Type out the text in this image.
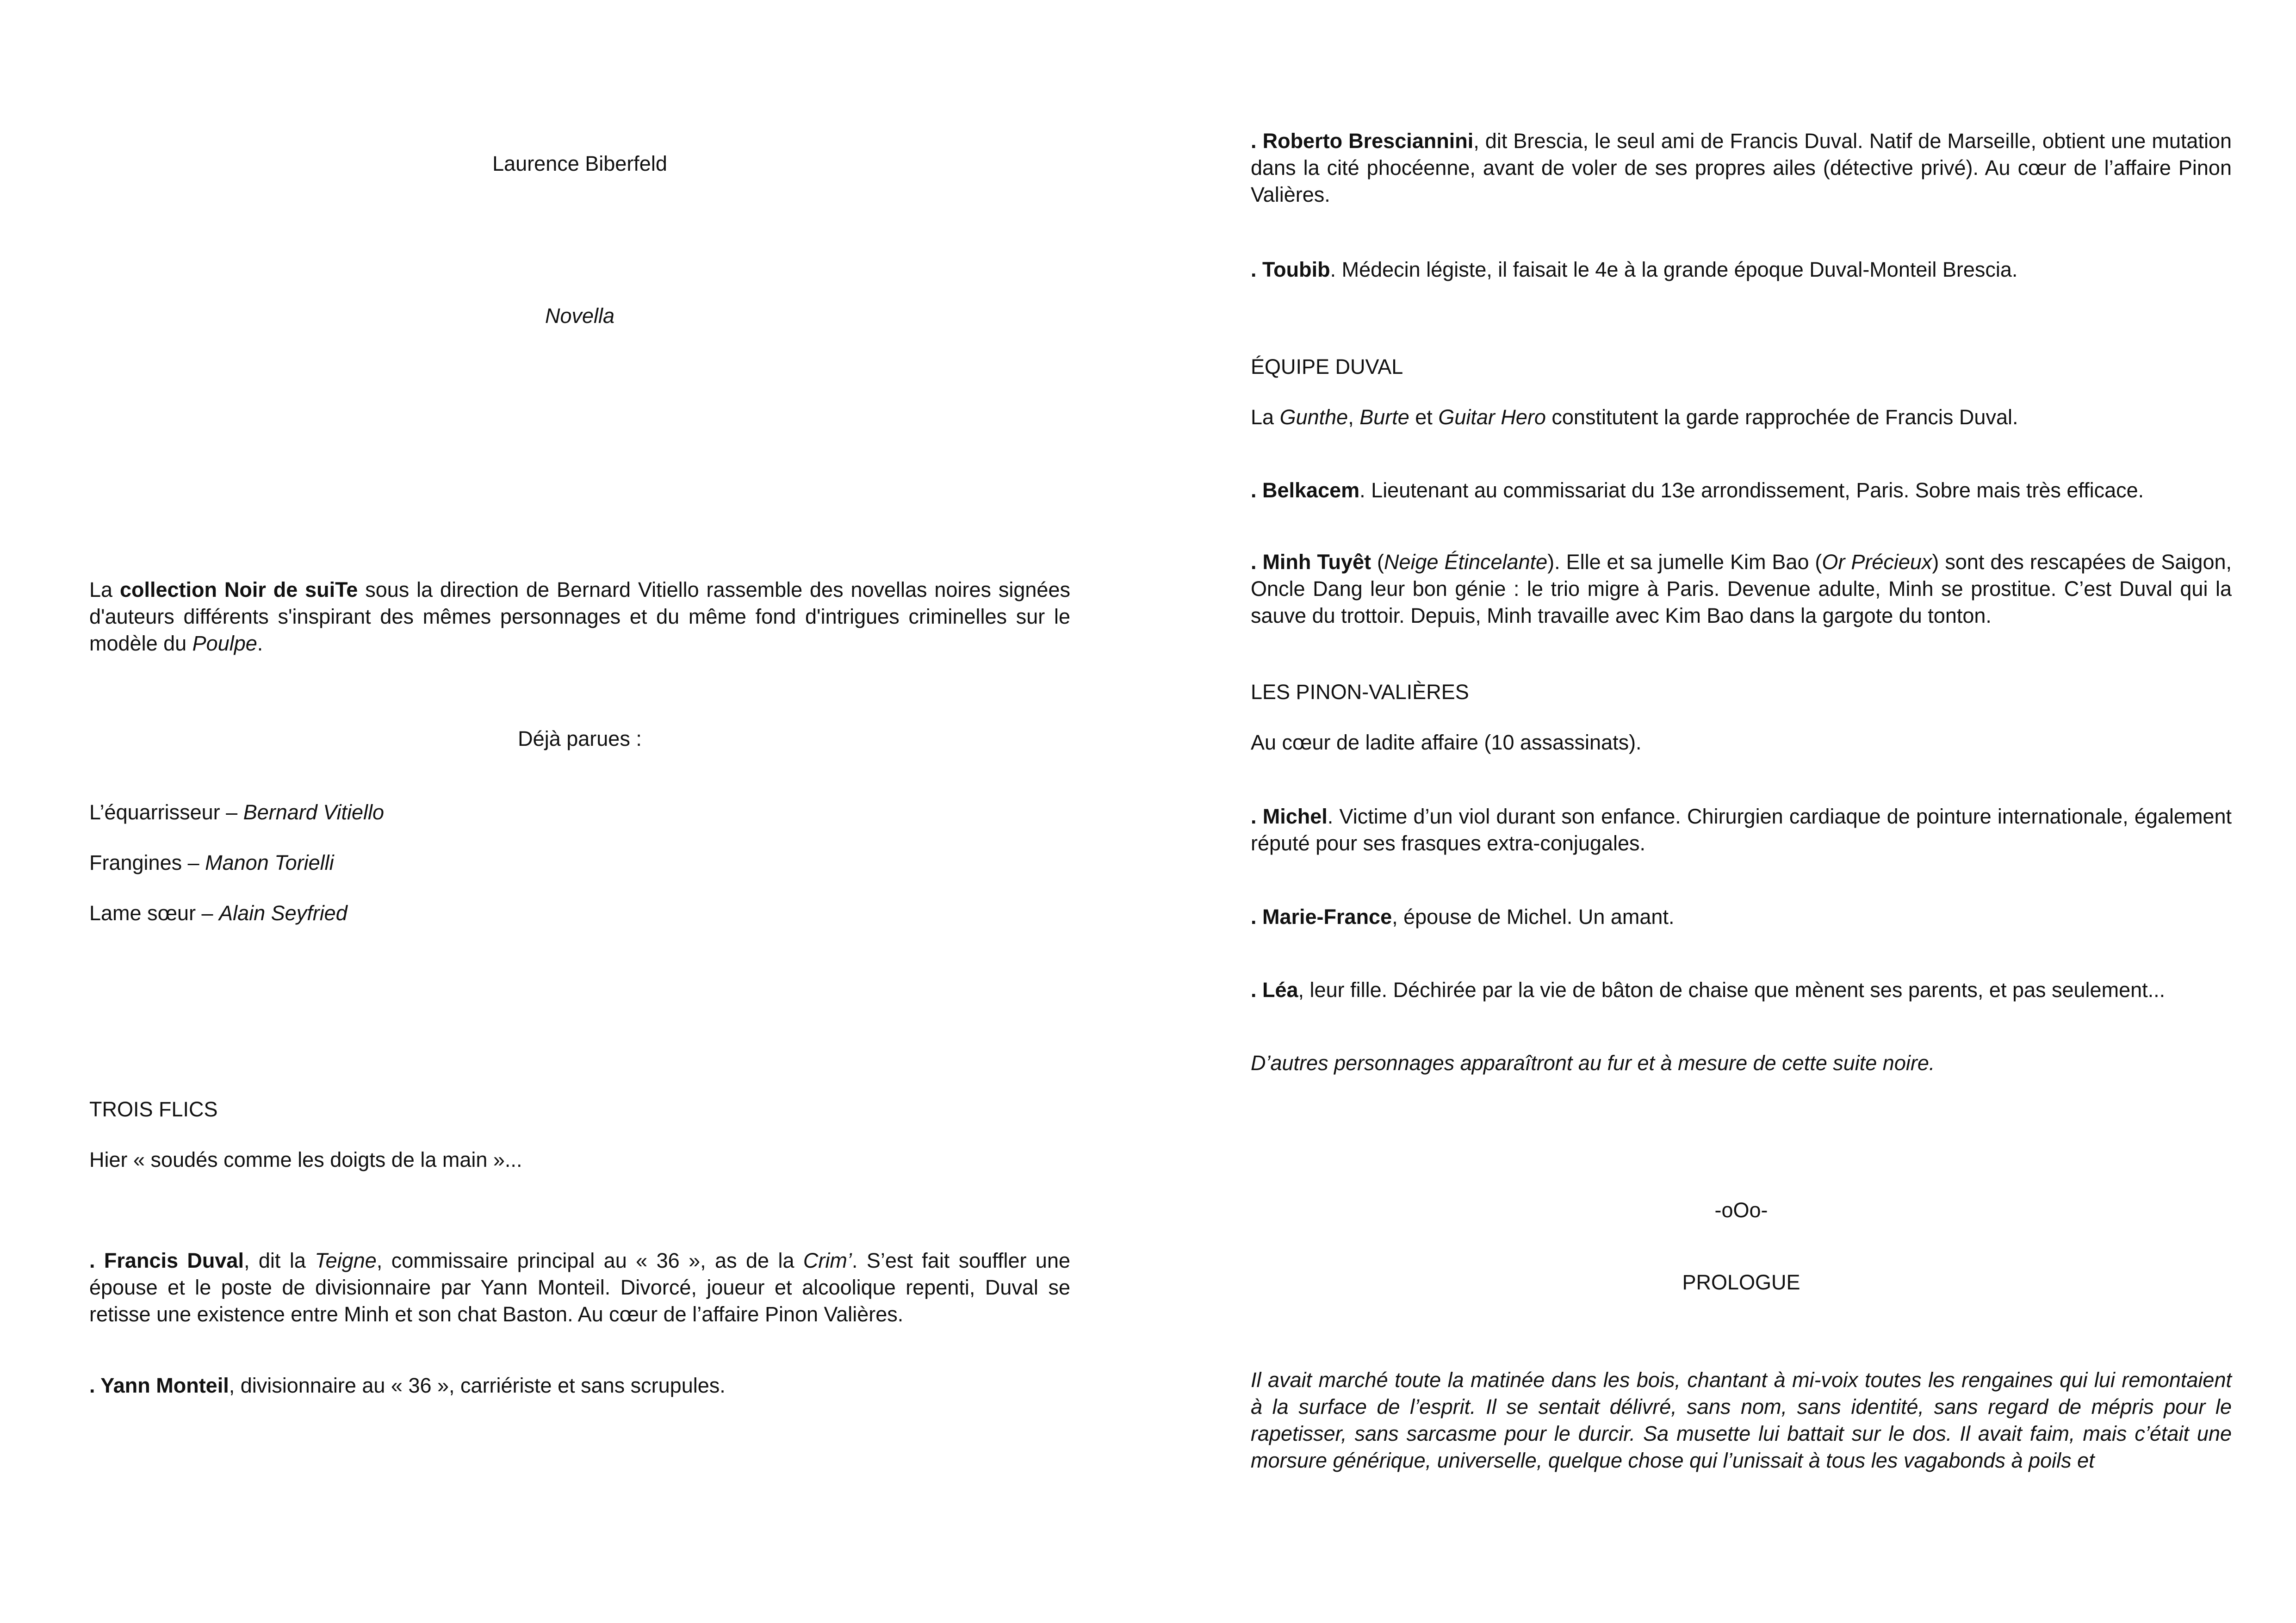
Laurence Biberfeld

Novella

La collection Noir de suiTe sous la direction de Bernard Vitiello rassemble des novellas noires signées d'auteurs différents s'inspirant des mêmes personnages et du même fond d'intrigues criminelles sur le modèle du Poulpe.

Déjà parues :

L’équarrisseur – Bernard Vitiello

Frangines – Manon Torielli

Lame sœur – Alain Seyfried

TROIS FLICS

Hier « soudés comme les doigts de la main »...

. Francis Duval, dit la Teigne, commissaire principal au « 36 », as de la Crim’. S’est fait souffler une épouse et le poste de divisionnaire par Yann Monteil. Divorcé, joueur et alcoolique repenti, Duval se retisse une existence entre Minh et son chat Baston. Au cœur de l’affaire Pinon Valières.

. Yann Monteil, divisionnaire au « 36 », carriériste et sans scrupules.

. Roberto Bresciannini, dit Brescia, le seul ami de Francis Duval. Natif de Marseille, obtient une mutation dans la cité phocéenne, avant de voler de ses propres ailes (détective privé). Au cœur de l’affaire Pinon Valières.

. Toubib. Médecin légiste, il faisait le 4e à la grande époque Duval-Monteil Brescia.

ÉQUIPE DUVAL

La Gunthe, Burte et Guitar Hero constitutent la garde rapprochée de Francis Duval.

. Belkacem. Lieutenant au commissariat du 13e arrondissement, Paris. Sobre mais très efficace.

. Minh Tuyêt (Neige Étincelante). Elle et sa jumelle Kim Bao (Or Précieux) sont des rescapées de Saigon, Oncle Dang leur bon génie : le trio migre à Paris. Devenue adulte, Minh se prostitue. C’est Duval qui la sauve du trottoir. Depuis, Minh travaille avec Kim Bao dans la gargote du tonton.

LES PINON-VALIÈRES

Au cœur de ladite affaire (10 assassinats).

. Michel. Victime d’un viol durant son enfance. Chirurgien cardiaque de pointure internationale, également réputé pour ses frasques extra-conjugales.

. Marie-France, épouse de Michel. Un amant.

. Léa, leur fille. Déchirée par la vie de bâton de chaise que mènent ses parents, et pas seulement...

D’autres personnages apparaîtront au fur et à mesure de cette suite noire.

-oOo-

PROLOGUE

Il avait marché toute la matinée dans les bois, chantant à mi-voix toutes les rengaines qui lui remontaient à la surface de l’esprit. Il se sentait délivré, sans nom, sans identité, sans regard de mépris pour le rapetisser, sans sarcasme pour le durcir. Sa musette lui battait sur le dos. Il avait faim, mais c’était une morsure générique, universelle, quelque chose qui l’unissait à tous les vagabonds à poils et
